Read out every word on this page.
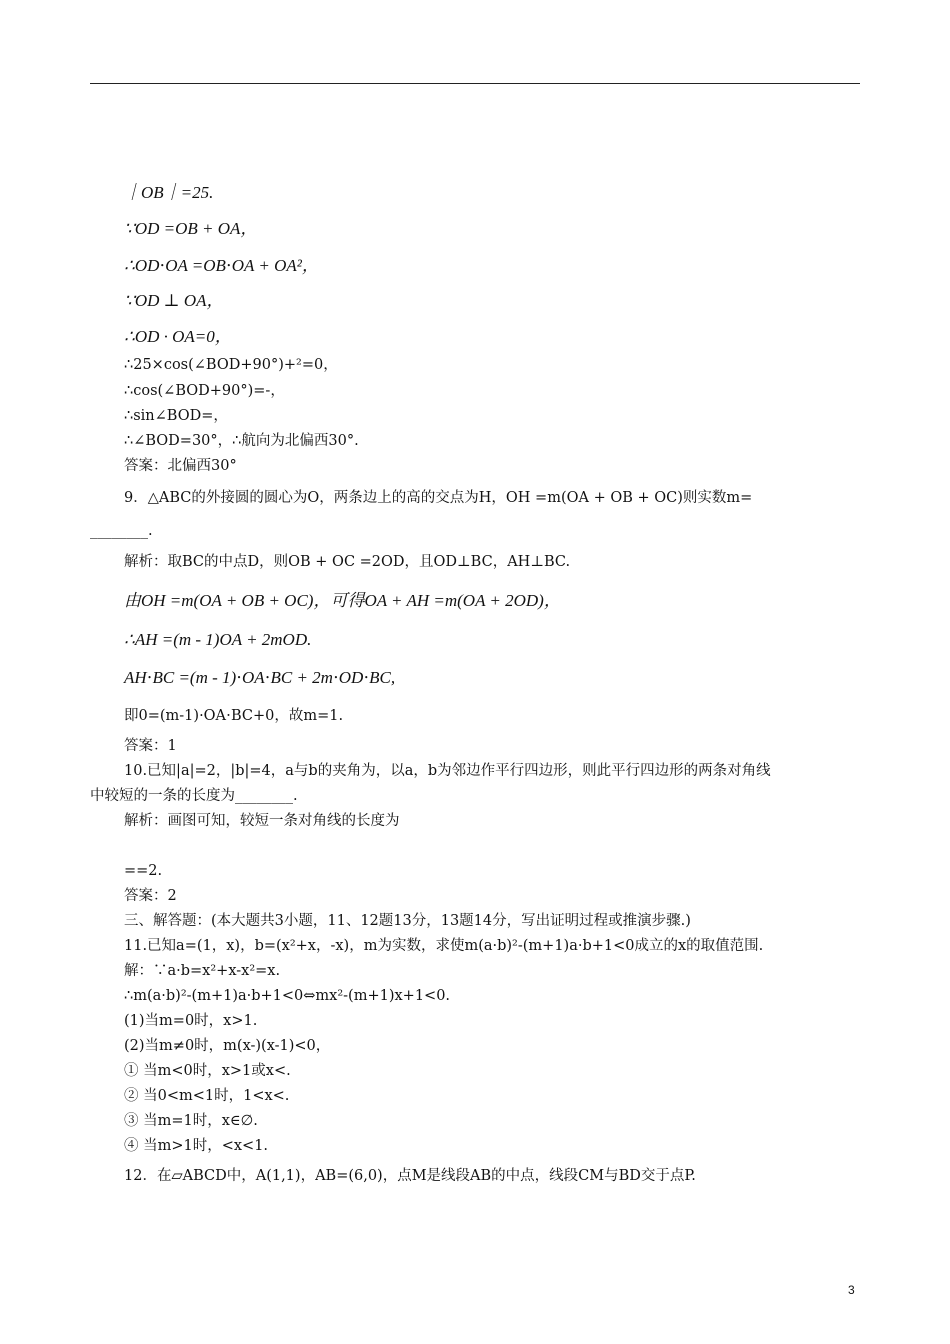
｜OB｜=25.
∵OD =OB + OA，
∴OD⋅OA =OB⋅OA + OA²，
∵OD ⊥ OA，
∴OD · OA=0，
∴25×cos(∠BOD+90°)+²=0，
∴cos(∠BOD+90°)=-，
∴sin∠BOD=，
∴∠BOD=30°，∴航向为北偏西30°.
答案：北偏西30°
9．△ABC的外接圆的圆心为O，两条边上的高的交点为H，OH =m(OA + OB + OC)则实数m=
________.
解析：取BC的中点D，则OB + OC =2OD，且OD⊥BC，AH⊥BC.
由OH =m(OA + OB + OC)，可得OA + AH =m(OA + 2OD)，
∴AH =(m - 1)OA + 2mOD.
AH⋅BC =(m - 1)⋅OA⋅BC + 2m⋅OD⋅BC,
即0=(m-1)·OA⋅BC+0，故m=1.
答案：1
10.已知|a|=2，|b|=4，a与b的夹角为，以a，b为邻边作平行四边形，则此平行四边形的两条对角线
中较短的一条的长度为________.
解析：画图可知，较短一条对角线的长度为
==2.
答案：2
三、解答题：(本大题共3小题，11、12题13分，13题14分，写出证明过程或推演步骤.)
11.已知a=(1，x)，b=(x²+x，-x)，m为实数，求使m(a·b)²-(m+1)a·b+1<0成立的x的取值范围.
解：∵a·b=x²+x-x²=x.
∴m(a·b)²-(m+1)a·b+1<0⇔mx²-(m+1)x+1<0.
(1)当m=0时，x>1.
(2)当m≠0时，m(x-)(x-1)<0，
① 当m<0时，x>1或x<.
② 当0<m<1时，1<x<.
③ 当m=1时，x∈∅.
④ 当m>1时，<x<1.
12．在▱ABCD中，A(1,1)，AB=(6,0)，点M是线段AB的中点，线段CM与BD交于点P.
3
